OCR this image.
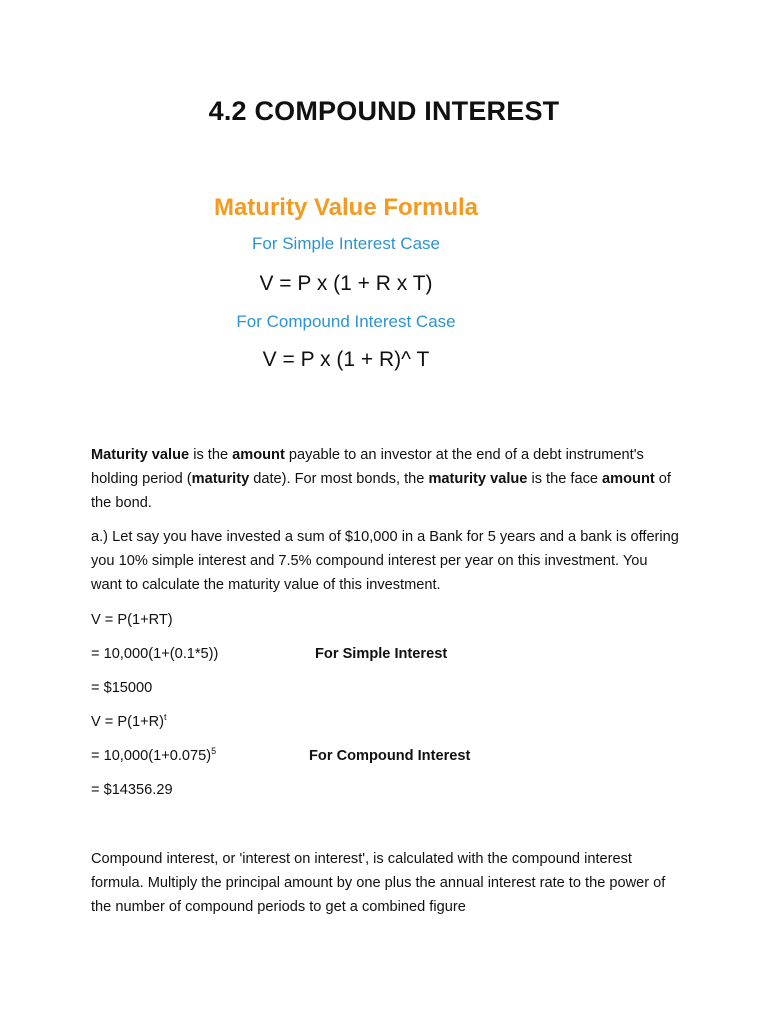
4.2 COMPOUND INTEREST
Maturity Value Formula
For Simple Interest Case
V = P x (1 + R x T)
For Compound Interest Case
V = P x (1 + R)^ T
Maturity value is the amount payable to an investor at the end of a debt instrument's holding period (maturity date). For most bonds, the maturity value is the face amount of the bond.
a.) Let say you have invested a sum of $10,000 in a Bank for 5 years and a bank is offering you 10% simple interest and 7.5% compound interest per year on this investment. You want to calculate the maturity value of this investment.
V = P(1+RT)
= 10,000(1+(0.1*5))	For Simple Interest
= $15000
$V = P(1+R)^t$
= $10,000(1+0.075)^5$	For Compound Interest
= $14356.29
Compound interest, or 'interest on interest', is calculated with the compound interest formula. Multiply the principal amount by one plus the annual interest rate to the power of the number of compound periods to get a combined figure
